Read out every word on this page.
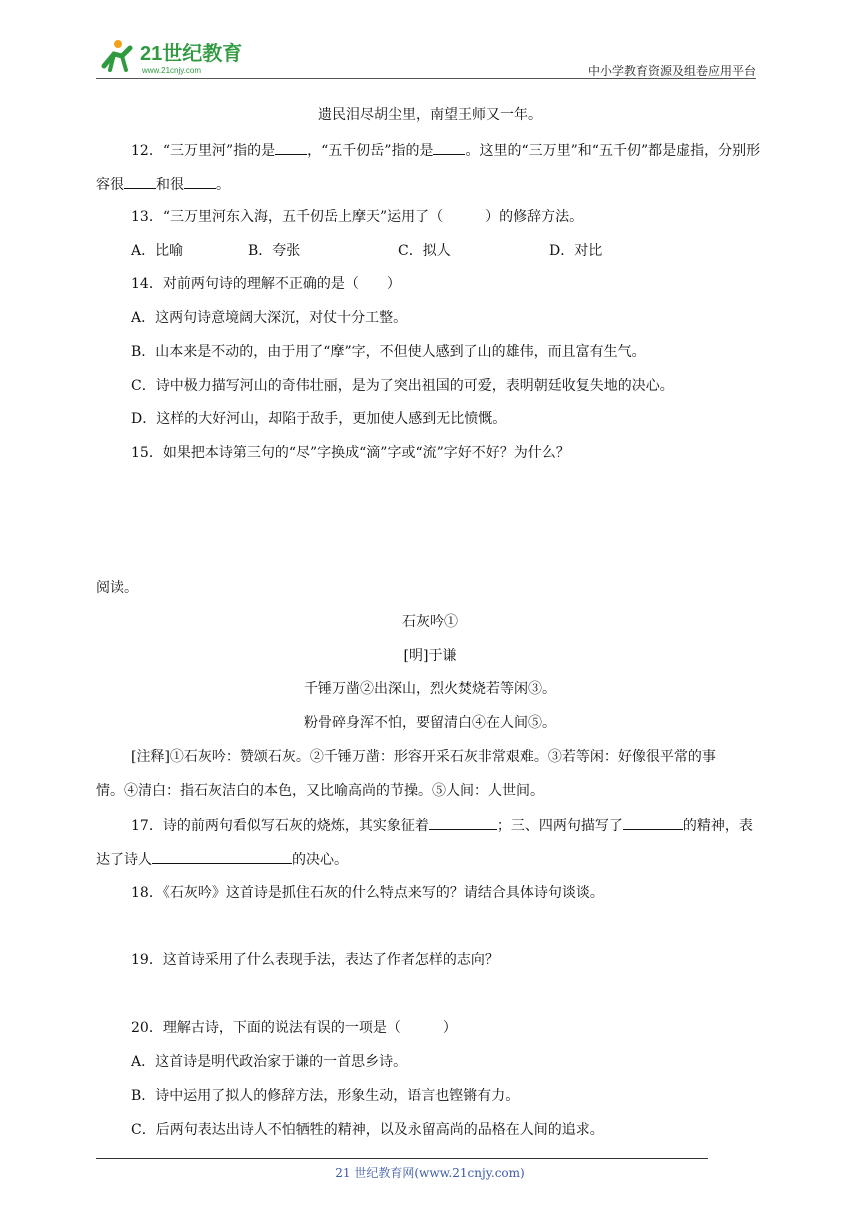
21世纪教育
www.21cnjy.com	中小学教育资源及组卷应用平台
遗民泪尽胡尘里，南望王师又一年。
12．“三万里河”指的是 ，“五千仞岳”指的是 。这里的“三万里”和“五千仞”都是虚指，分别形
容很 和很 。
13．“三万里河东入海，五千仞岳上摩天”运用了（　　　）的修辞方法。
A．比喻	B．夸张	C．拟人	D．对比
14．对前两句诗的理解不正确的是（　　）
A．这两句诗意境阔大深沉，对仗十分工整。
B．山本来是不动的，由于用了“摩”字，不但使人感到了山的雄伟，而且富有生气。
C．诗中极力描写河山的奇伟壮丽，是为了突出祖国的可爱，表明朝廷收复失地的决心。
D．这样的大好河山，却陷于敌手，更加使人感到无比愤慨。
15．如果把本诗第三句的“尽”字换成“滴”字或“流”字好不好？为什么？
阅读。
石灰吟①
[明]于谦
千锤万凿②出深山，烈火焚烧若等闲③。
粉骨碎身浑不怕，要留清白④在人间⑤。
[注释]①石灰吟：赞颂石灰。②千锤万凿：形容开采石灰非常艰难。③若等闲：好像很平常的事
情。④清白：指石灰洁白的本色，又比喻高尚的节操。⑤人间：人世间。
17．诗的前两句看似写石灰的烧炼，其实象征着	；三、四两句描写了	的精神，表
达了诗人	的决心。
18．《石灰吟》这首诗是抓住石灰的什么特点来写的？请结合具体诗句谈谈。
19．这首诗采用了什么表现手法，表达了作者怎样的志向？
20．理解古诗，下面的说法有误的一项是（　　　）
A．这首诗是明代政治家于谦的一首思乡诗。
B．诗中运用了拟人的修辞方法，形象生动，语言也铿锵有力。
C．后两句表达出诗人不怕牺牲的精神，以及永留高尚的品格在人间的追求。
21 世纪教育网(www.21cnjy.com)
